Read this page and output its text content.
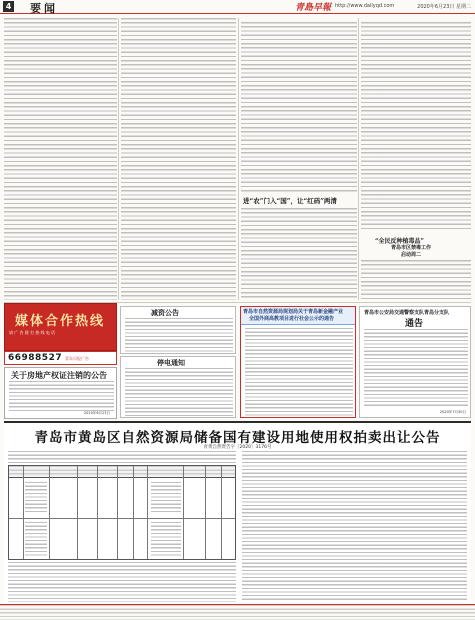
4 要闻	青島早報 http://www.dailyqd.com	2020年6月23日 星期二
进“农”门入“国”，让“红码”两清
“全民反种植毒品”
青岛市区禁毒工作
启动周二
媒体合作热线
请 广 告 拨 打 热 线 电 话
66988527 青岛早报广告
关于房地产权证注销的公告
2020年6月23日
减资公告
停电通知
青岛市自然资源局规划局关于青岛新金融产业
全国外商高教项目进行社会公示的通告
青岛市公安局交通警察支队青岛分支队
通告
2020年7月30日
青岛市黄岛区自然资源局储备国有建设用地使用权拍卖出让公告
青黄自然资告字〔2020〕3176号
